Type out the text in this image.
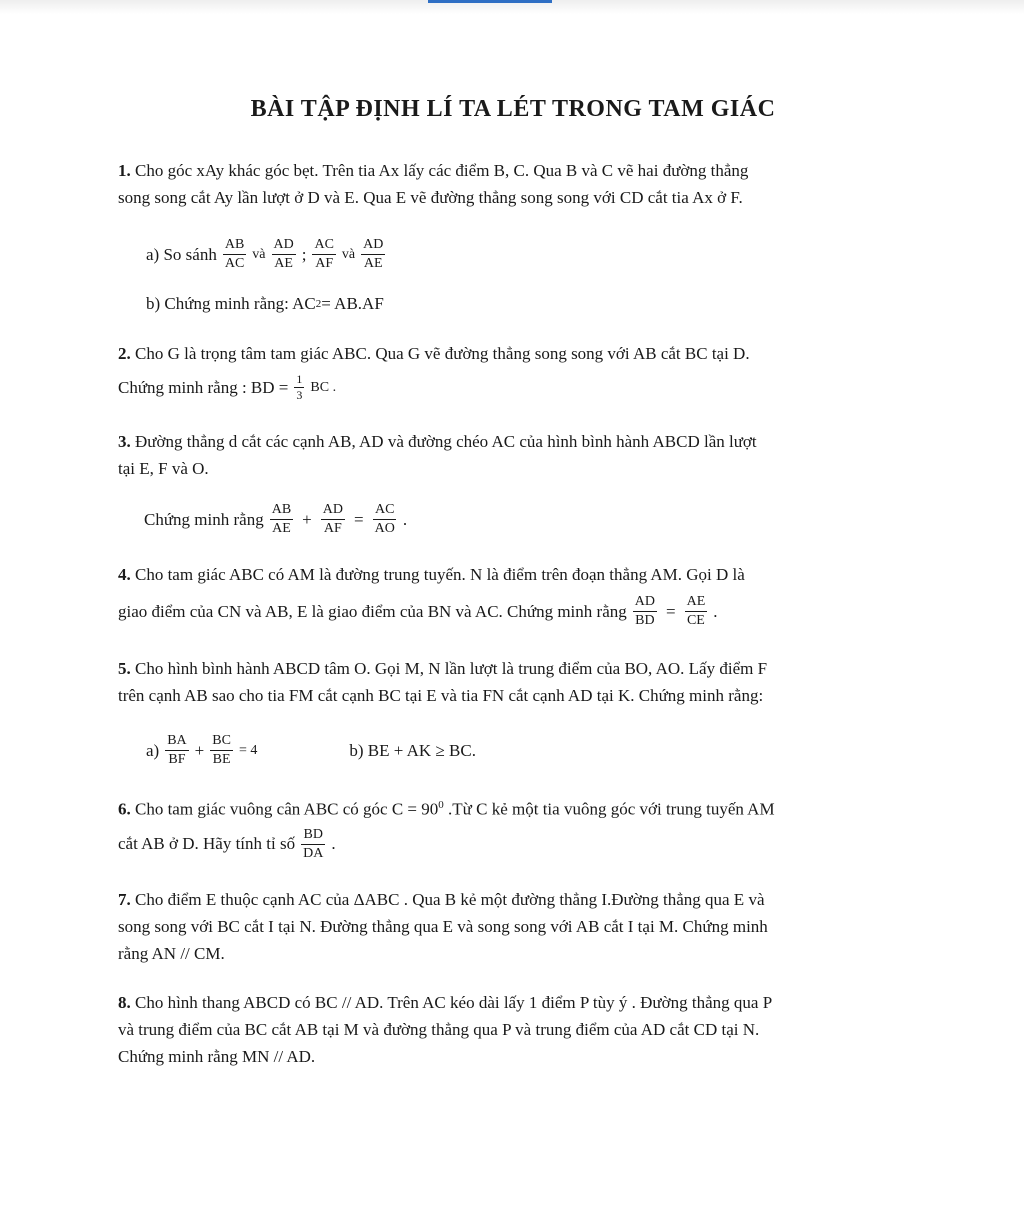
BÀI TẬP ĐỊNH LÍ TA LÉT TRONG TAM GIÁC

1. Cho góc xAy khác góc bẹt. Trên tia Ax lấy các điểm B, C. Qua B và C vẽ hai đường thẳng
song song cắt Ay lần lượt ở D và E. Qua E vẽ đường thẳng song song với CD cắt tia Ax ở F.

a) So sánh $\frac{AB}{AC}$ và $\frac{AD}{AE}$ ; $\frac{AC}{AF}$ và $\frac{AD}{AE}$
b) Chứng minh rằng: AC 2 = AB.AF

2. Cho G là trọng tâm tam giác ABC. Qua G vẽ đường thẳng song song với AB cắt BC tại D.

Chứng minh rằng : BD = $\frac{1}{3}$ BC .

3. Đường thẳng d cắt các cạnh AB, AD và đường chéo AC của hình bình hành ABCD lần lượt
tại E, F và O.

Chứng minh rằng $\frac{AB}{AE} + \frac{AD}{AF} = \frac{AC}{AO}$ .

4. Cho tam giác ABC có AM là đường trung tuyến. N là điểm trên đoạn thẳng AM. Gọi D là

giao điểm của CN và AB, E là giao điểm của BN và AC. Chứng minh rằng $\frac{AD}{BD} = \frac{AE}{CE}$ .

5. Cho hình bình hành ABCD tâm O. Gọi M, N lần lượt là trung điểm của BO, AO. Lấy điểm F
trên cạnh AB sao cho tia FM cắt cạnh BC tại E và tia FN cắt cạnh AD tại K. Chứng minh rằng:

$a) \frac{BA}{BF} + \frac{BC}{BE} = 4$	b) BE + AK ≥ BC.

6. Cho tam giác vuông cân ABC có góc $C = 90^0$ .Từ C kẻ một tia vuông góc với trung tuyến AM

cắt AB ở D. Hãy tính tỉ số $\frac{BD}{DA}$ .

7. Cho điểm E thuộc cạnh AC của ΔABC . Qua B kẻ một đường thẳng I.Đường thẳng qua E và
song song với BC cắt I tại N. Đường thẳng qua E và song song với AB cắt I tại M. Chứng minh
rằng AN // CM.

8. Cho hình thang ABCD có BC // AD. Trên AC kéo dài lấy 1 điểm P tùy ý . Đường thẳng qua P
và trung điểm của BC cắt AB tại M và đường thẳng qua P và trung điểm của AD cắt CD tại N.
Chứng minh rằng MN // AD.
